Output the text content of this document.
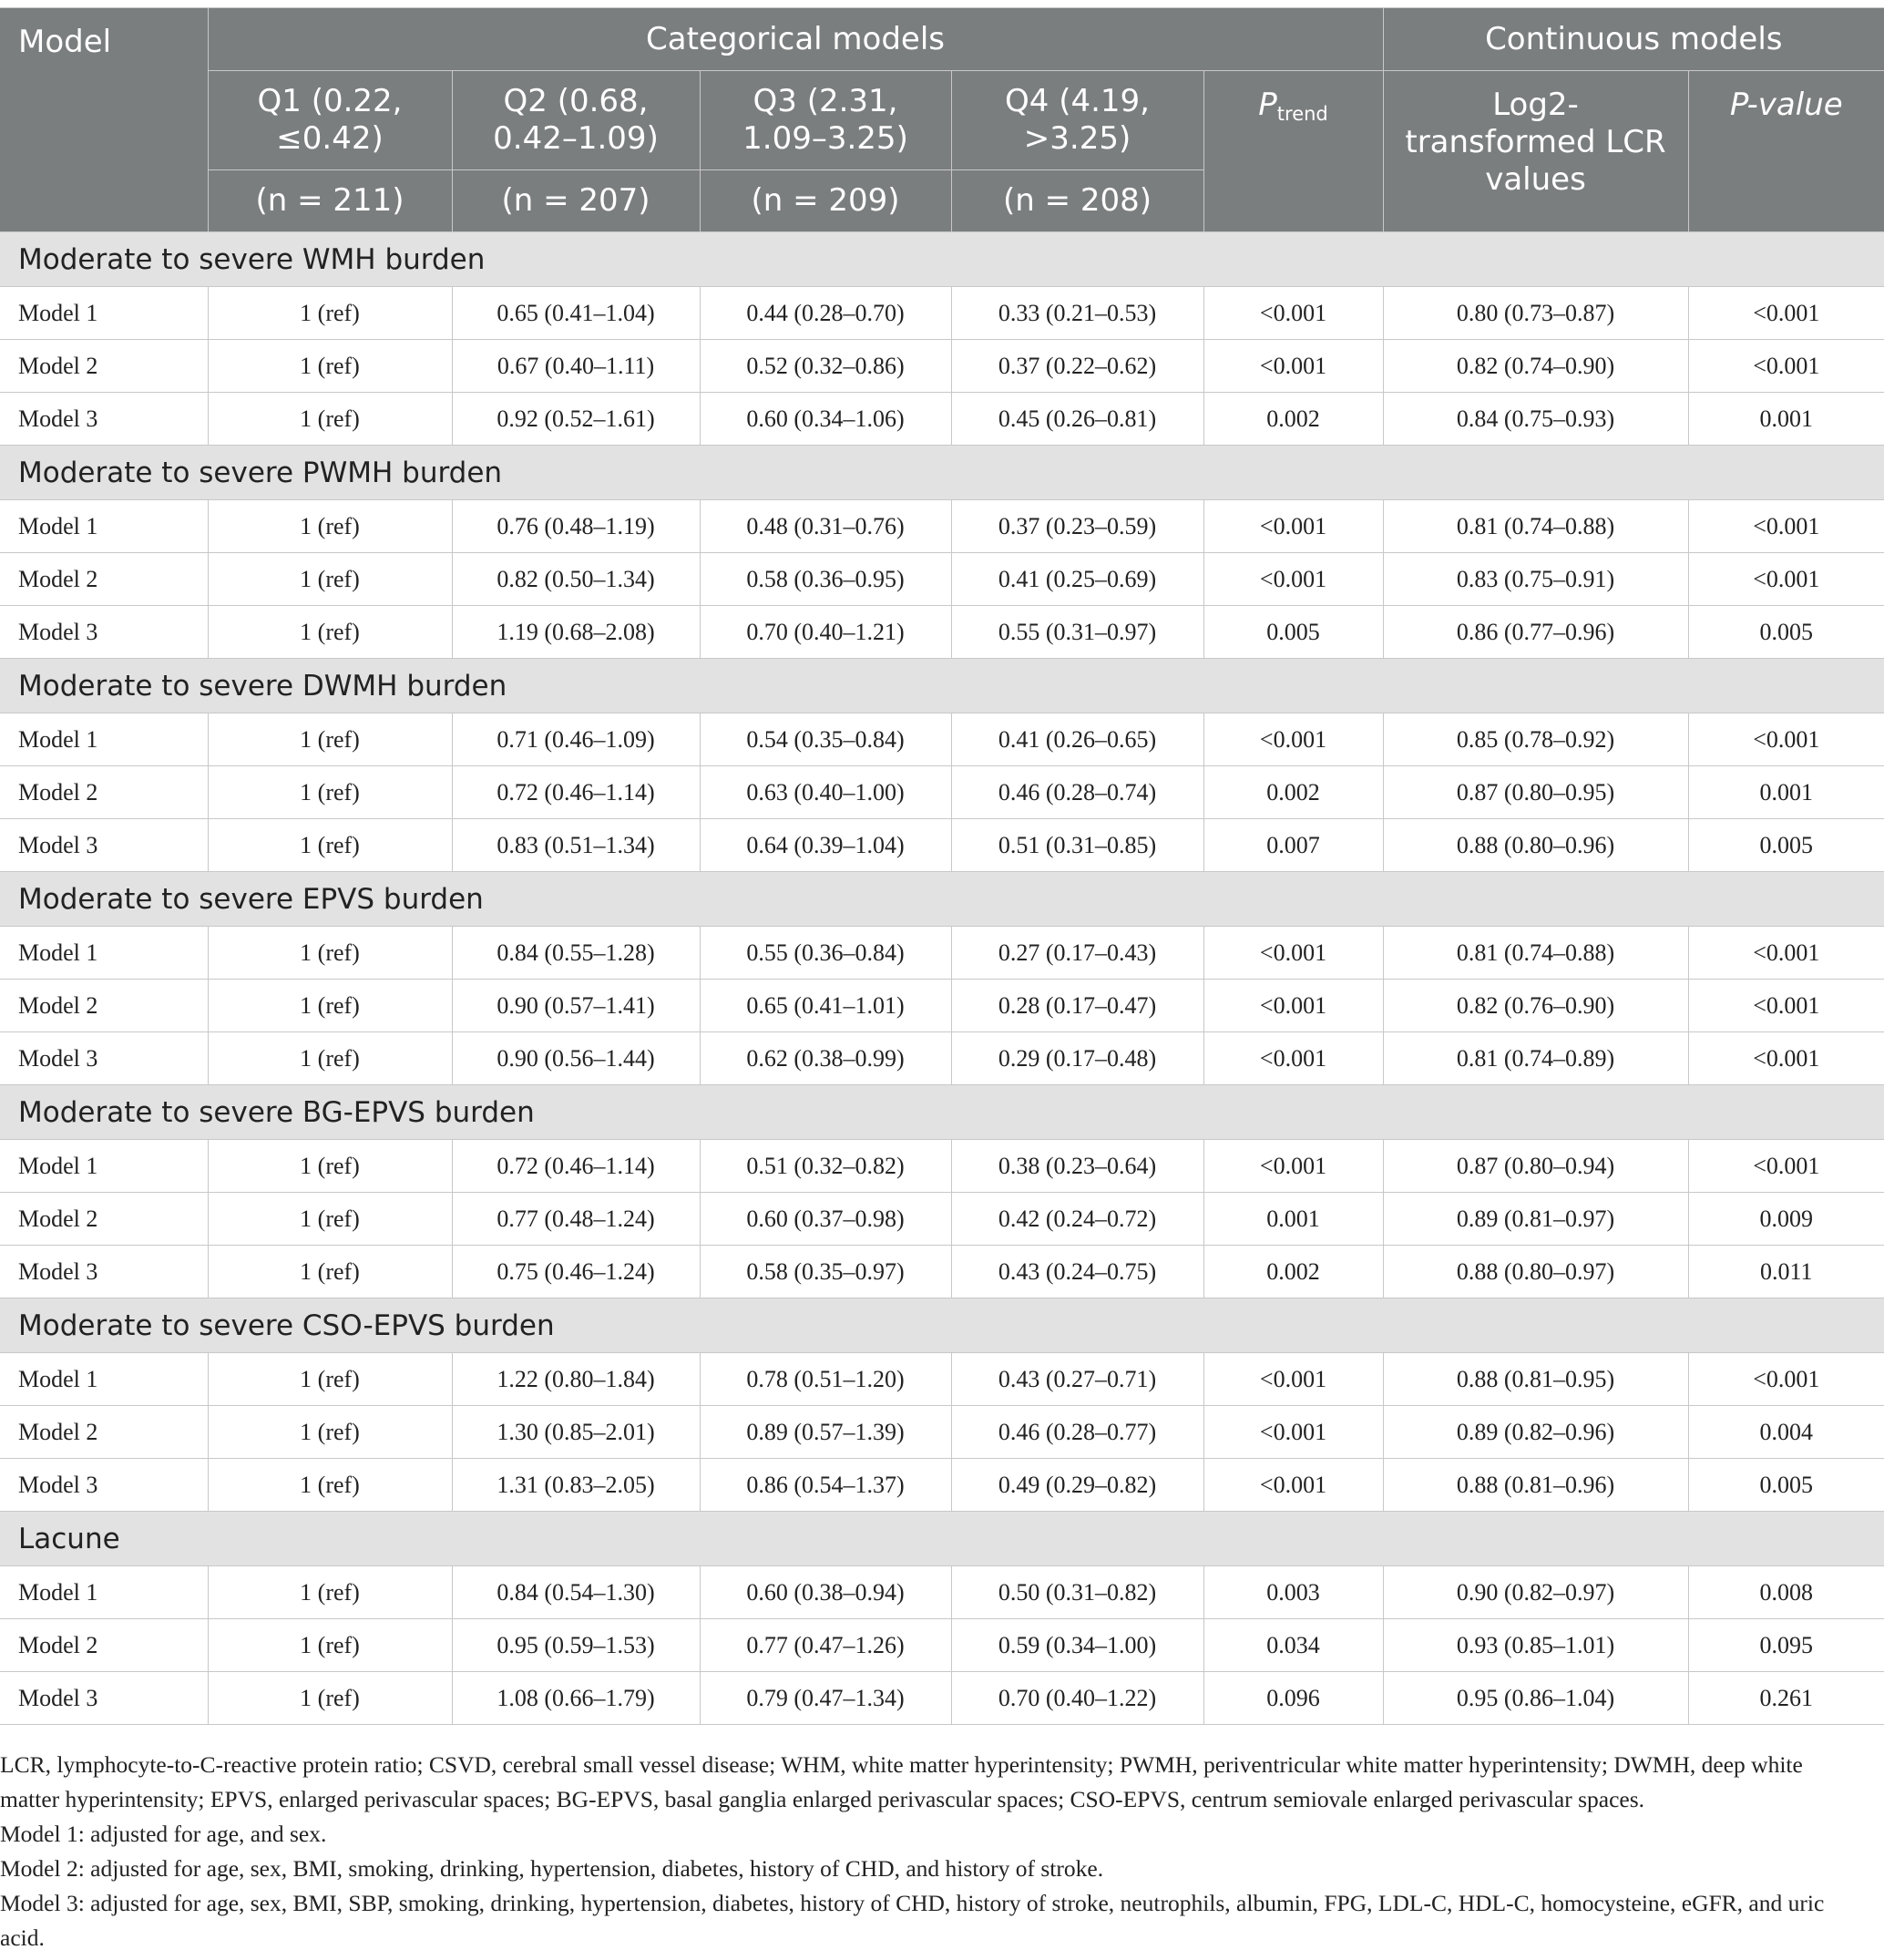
Model	Categorical models					Continuous models	
	Q1 (0.22, ≤0.42)	Q2 (0.68, 0.42–1.09)	Q3 (2.31, 1.09–3.25)	Q4 (4.19, >3.25)	$P_{trend}$	Log2-transformed LCR values	P-value
	(n = 211)	(n = 207)	(n = 209)	(n = 208)			
Moderate to severe WMH burden							
Model 1	1 (ref)	0.65 (0.41–1.04)	0.44 (0.28–0.70)	0.33 (0.21–0.53)	<0.001	0.80 (0.73–0.87)	<0.001
Model 2	1 (ref)	0.67 (0.40–1.11)	0.52 (0.32–0.86)	0.37 (0.22–0.62)	<0.001	0.82 (0.74–0.90)	<0.001
Model 3	1 (ref)	0.92 (0.52–1.61)	0.60 (0.34–1.06)	0.45 (0.26–0.81)	0.002	0.84 (0.75–0.93)	0.001
Moderate to severe PWMH burden							
Model 1	1 (ref)	0.76 (0.48–1.19)	0.48 (0.31–0.76)	0.37 (0.23–0.59)	<0.001	0.81 (0.74–0.88)	<0.001
Model 2	1 (ref)	0.82 (0.50–1.34)	0.58 (0.36–0.95)	0.41 (0.25–0.69)	<0.001	0.83 (0.75–0.91)	<0.001
Model 3	1 (ref)	1.19 (0.68–2.08)	0.70 (0.40–1.21)	0.55 (0.31–0.97)	0.005	0.86 (0.77–0.96)	0.005
Moderate to severe DWMH burden							
Model 1	1 (ref)	0.71 (0.46–1.09)	0.54 (0.35–0.84)	0.41 (0.26–0.65)	<0.001	0.85 (0.78–0.92)	<0.001
Model 2	1 (ref)	0.72 (0.46–1.14)	0.63 (0.40–1.00)	0.46 (0.28–0.74)	0.002	0.87 (0.80–0.95)	0.001
Model 3	1 (ref)	0.83 (0.51–1.34)	0.64 (0.39–1.04)	0.51 (0.31–0.85)	0.007	0.88 (0.80–0.96)	0.005
Moderate to severe EPVS burden							
Model 1	1 (ref)	0.84 (0.55–1.28)	0.55 (0.36–0.84)	0.27 (0.17–0.43)	<0.001	0.81 (0.74–0.88)	<0.001
Model 2	1 (ref)	0.90 (0.57–1.41)	0.65 (0.41–1.01)	0.28 (0.17–0.47)	<0.001	0.82 (0.76–0.90)	<0.001
Model 3	1 (ref)	0.90 (0.56–1.44)	0.62 (0.38–0.99)	0.29 (0.17–0.48)	<0.001	0.81 (0.74–0.89)	<0.001
Moderate to severe BG-EPVS burden							
Model 1	1 (ref)	0.72 (0.46–1.14)	0.51 (0.32–0.82)	0.38 (0.23–0.64)	<0.001	0.87 (0.80–0.94)	<0.001
Model 2	1 (ref)	0.77 (0.48–1.24)	0.60 (0.37–0.98)	0.42 (0.24–0.72)	0.001	0.89 (0.81–0.97)	0.009
Model 3	1 (ref)	0.75 (0.46–1.24)	0.58 (0.35–0.97)	0.43 (0.24–0.75)	0.002	0.88 (0.80–0.97)	0.011
Moderate to severe CSO-EPVS burden							
Model 1	1 (ref)	1.22 (0.80–1.84)	0.78 (0.51–1.20)	0.43 (0.27–0.71)	<0.001	0.88 (0.81–0.95)	<0.001
Model 2	1 (ref)	1.30 (0.85–2.01)	0.89 (0.57–1.39)	0.46 (0.28–0.77)	<0.001	0.89 (0.82–0.96)	0.004
Model 3	1 (ref)	1.31 (0.83–2.05)	0.86 (0.54–1.37)	0.49 (0.29–0.82)	<0.001	0.88 (0.81–0.96)	0.005
Lacune							
Model 1	1 (ref)	0.84 (0.54–1.30)	0.60 (0.38–0.94)	0.50 (0.31–0.82)	0.003	0.90 (0.82–0.97)	0.008
Model 2	1 (ref)	0.95 (0.59–1.53)	0.77 (0.47–1.26)	0.59 (0.34–1.00)	0.034	0.93 (0.85–1.01)	0.095
Model 3	1 (ref)	1.08 (0.66–1.79)	0.79 (0.47–1.34)	0.70 (0.40–1.22)	0.096	0.95 (0.86–1.04)	0.261

LCR, lymphocyte-to-C-reactive protein ratio; CSVD, cerebral small vessel disease; WHM, white matter hyperintensity; PWMH, periventricular white matter hyperintensity; DWMH, deep white matter hyperintensity; EPVS, enlarged perivascular spaces; BG-EPVS, basal ganglia enlarged perivascular spaces; CSO-EPVS, centrum semiovale enlarged perivascular spaces.

Model 1: adjusted for age, and sex.

Model 2: adjusted for age, sex, BMI, smoking, drinking, hypertension, diabetes, history of CHD, and history of stroke.

Model 3: adjusted for age, sex, BMI, SBP, smoking, drinking, hypertension, diabetes, history of CHD, history of stroke, neutrophils, albumin, FPG, LDL-C, HDL-C, homocysteine, eGFR, and uric acid.
